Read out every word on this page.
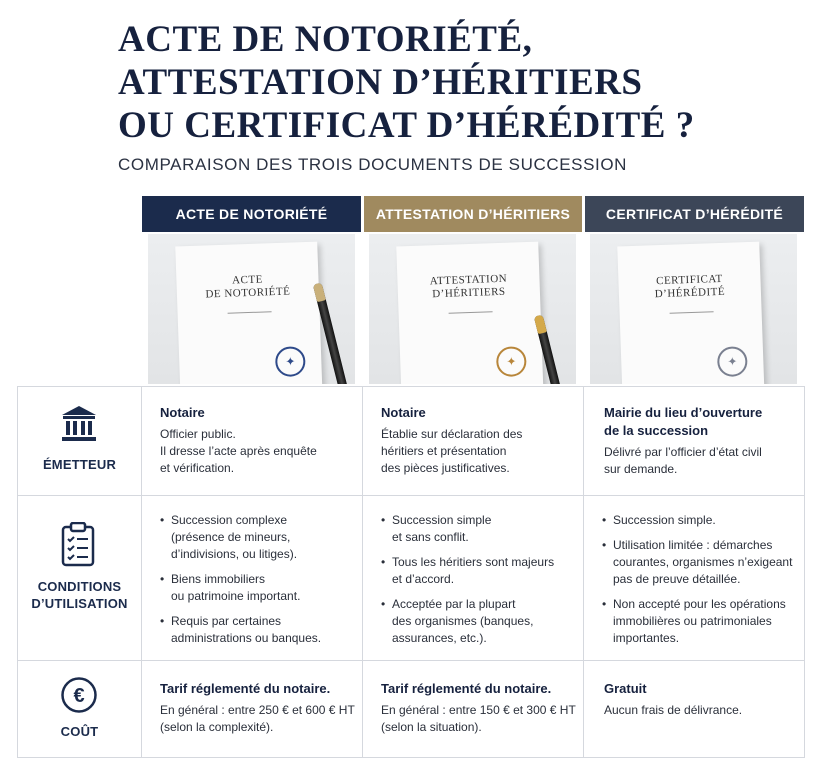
ACTE DE NOTORIÉTÉ,
ATTESTATION D’HÉRITIERS
OU CERTIFICAT D’HÉRÉDITÉ ?
COMPARAISON DES TROIS DOCUMENTS DE SUCCESSION
ACTE DE NOTORIÉTÉ	ATTESTATION D’HÉRITIERS	CERTIFICAT D’HÉRÉDITÉ
ACTE
DE NOTORIÉTÉ
✦
ATTESTATION
D’HÉRITIERS
✦
CERTIFICAT
D’HÉRÉDITÉ
✦
ÉMETTEUR
Notaire
Officier public.
Il dresse l’acte après enquête
et vérification.
Notaire
Établie sur déclaration des
héritiers et présentation
des pièces justificatives.
Mairie du lieu d’ouverture
de la succession
Délivré par l’officier d’état civil
sur demande.
CONDITIONS
D’UTILISATION
• Succession complexe
(présence de mineurs,
d’indivisions, ou litiges).
• Biens immobiliers
ou patrimoine important.
• Requis par certaines
administrations ou banques.
• Succession simple
et sans conflit.
• Tous les héritiers sont majeurs
et d’accord.
• Acceptée par la plupart
des organismes (banques,
assurances, etc.).
• Succession simple.
• Utilisation limitée : démarches
courantes, organismes n’exigeant
pas de preuve détaillée.
• Non accepté pour les opérations
immobilières ou patrimoniales
importantes.
€
COÛT
Tarif réglementé du notaire.
En général : entre 250 € et 600 € HT
(selon la complexité).
Tarif réglementé du notaire.
En général : entre 150 € et 300 € HT
(selon la situation).
Gratuit
Aucun frais de délivrance.
